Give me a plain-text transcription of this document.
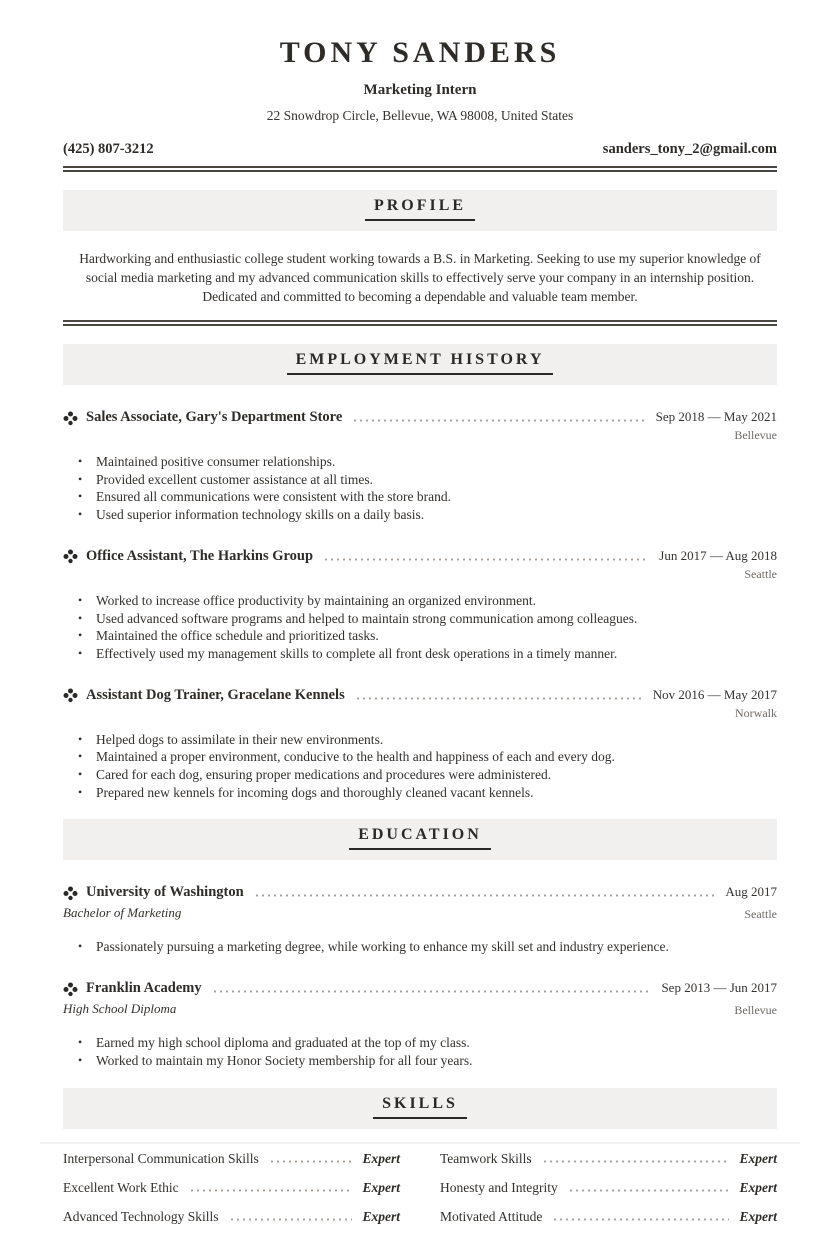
TONY SANDERS
Marketing Intern
22 Snowdrop Circle, Bellevue, WA 98008, United States
(425) 807-3212	sanders_tony_2@gmail.com
PROFILE

Hardworking and enthusiastic college student working towards a B.S. in Marketing. Seeking to use my superior knowledge of social media marketing and my advanced communication skills to effectively serve your company in an internship position. Dedicated and committed to becoming a dependable and valuable team member.

EMPLOYMENT HISTORY
Sales Associate, Gary's Department Store	Sep 2018 — May 2021
Bellevue
•	Maintained positive consumer relationships.
•	Provided excellent customer assistance at all times.
•	Ensured all communications were consistent with the store brand.
•	Used superior information technology skills on a daily basis.
Office Assistant, The Harkins Group	Jun 2017 — Aug 2018
Seattle
•	Worked to increase office productivity by maintaining an organized environment.
•	Used advanced software programs and helped to maintain strong communication among colleagues.
•	Maintained the office schedule and prioritized tasks.
•	Effectively used my management skills to complete all front desk operations in a timely manner.
Assistant Dog Trainer, Gracelane Kennels	Nov 2016 — May 2017
Norwalk
•	Helped dogs to assimilate in their new environments.
•	Maintained a proper environment, conducive to the health and happiness of each and every dog.
•	Cared for each dog, ensuring proper medications and procedures were administered.
•	Prepared new kennels for incoming dogs and thoroughly cleaned vacant kennels.
EDUCATION
University of Washington	Aug 2017
Bachelor of Marketing	Seattle
•	Passionately pursuing a marketing degree, while working to enhance my skill set and industry experience.
Franklin Academy	Sep 2013 — Jun 2017
High School Diploma	Bellevue
•	Earned my high school diploma and graduated at the top of my class.
•	Worked to maintain my Honor Society membership for all four years.
SKILLS
Interpersonal Communication Skills	Expert
Excellent Work Ethic	Expert
Advanced Technology Skills	Expert
Teamwork Skills	Expert
Honesty and Integrity	Expert
Motivated Attitude	Expert
